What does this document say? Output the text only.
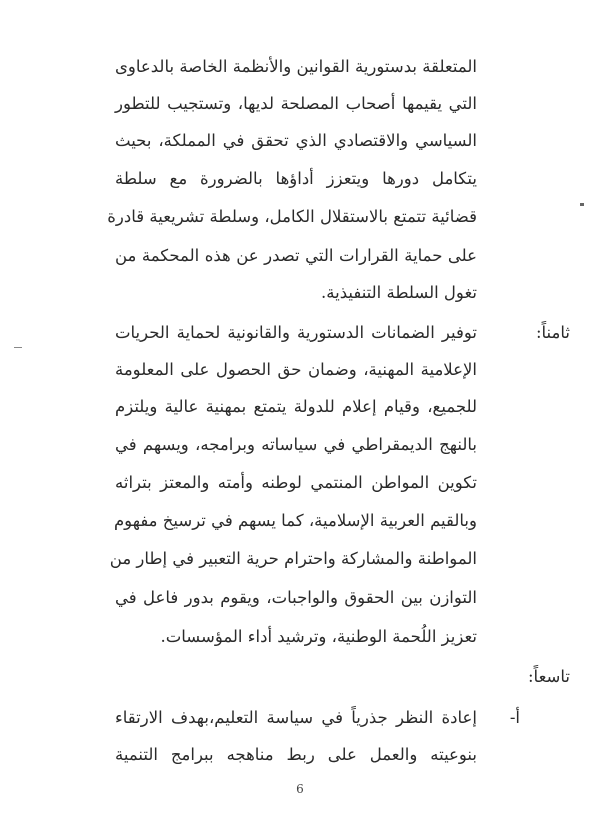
المتعلقة بدستورية القوانين والأنظمة الخاصة بالدعاوى
التي يقيمها أصحاب المصلحة لديها، وتستجيب للتطور
السياسي والاقتصادي الذي تحقق في المملكة، بحيث
يتكامل دورها ويتعزز أداؤها بالضرورة مع سلطة
قضائية تتمتع بالاستقلال الكامل، وسلطة تشريعية قادرة
على حماية القرارات التي تصدر عن هذه المحكمة من
تغول السلطة التنفيذية.
ثامناً:
توفير الضمانات الدستورية والقانونية لحماية الحريات
الإعلامية المهنية، وضمان حق الحصول على المعلومة
للجميع، وقيام إعلام للدولة يتمتع بمهنية عالية ويلتزم
بالنهج الديمقراطي في سياساته وبرامجه، ويسهم في
تكوين المواطن المنتمي لوطنه وأمته والمعتز بتراثه
وبالقيم العربية الإسلامية، كما يسهم في ترسيخ مفهوم
المواطنة والمشاركة واحترام حرية التعبير في إطار من
التوازن بين الحقوق والواجبات، ويقوم بدور فاعل في
تعزيز اللُحمة الوطنية، وترشيد أداء المؤسسات.
تاسعاً:
أ-
إعادة النظر جذرياً في سياسة التعليم،بهدف الارتقاء
بنوعيته والعمل على ربط مناهجه ببرامج التنمية
6
